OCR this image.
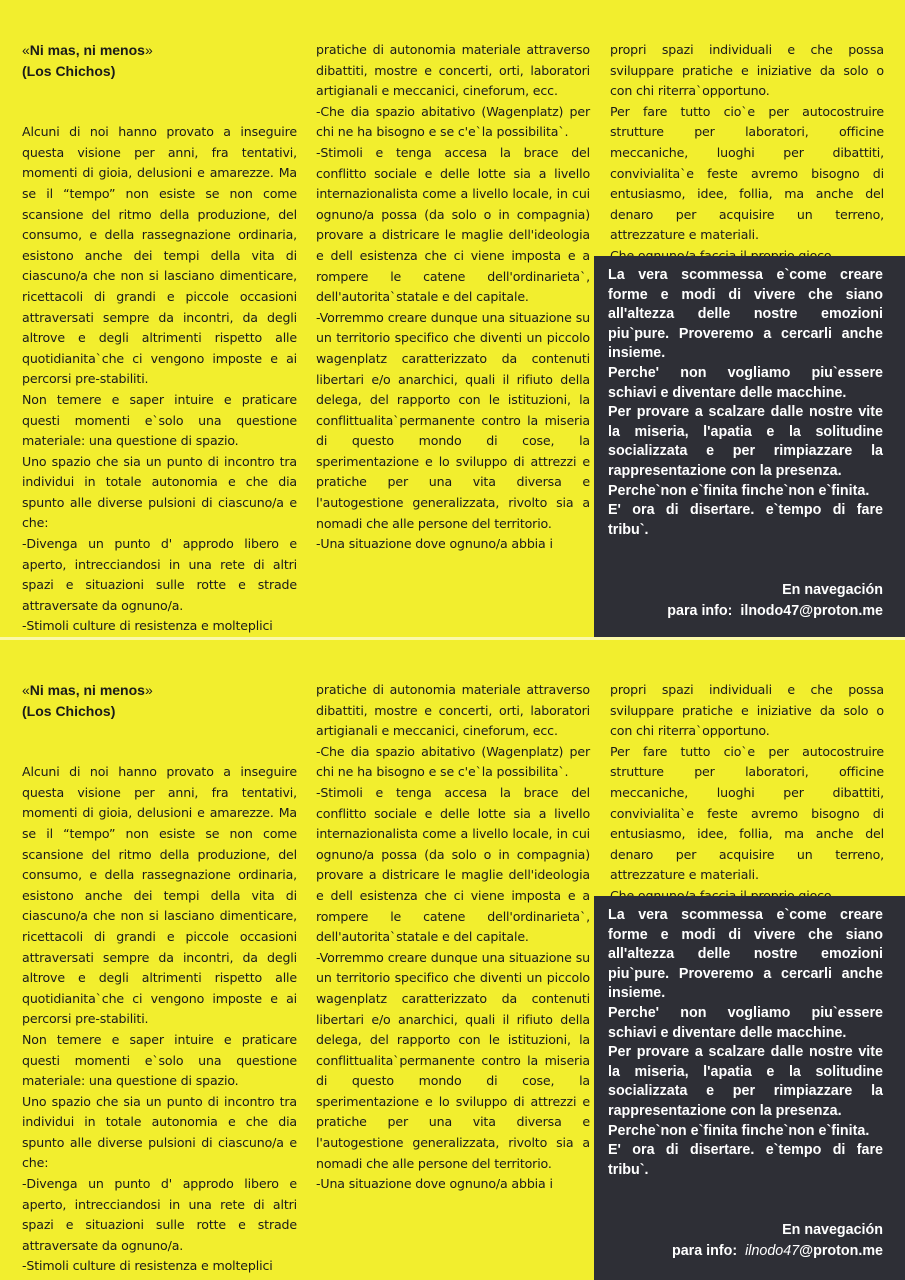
«Ni mas, ni menos»
(Los Chichos)

Alcuni di noi hanno provato a inseguire questa visione per anni, fra tentativi, momenti di gioia, delusioni e amarezze. Ma se il “tempo” non esiste se non come scansione del ritmo della produzione, del consumo, e della rassegnazione ordinaria, esistono anche dei tempi della vita di ciascuno/a che non si lasciano dimenticare, ricettacoli di grandi e piccole occasioni attraversati sempre da incontri, da degli altrove e degli altrimenti rispetto alle quotidianita`che ci vengono imposte e ai percorsi pre-stabiliti.

Non temere e saper intuire e praticare questi momenti e`solo una questione materiale: una questione di spazio.

Uno spazio che sia un punto di incontro tra individui in totale autonomia e che dia spunto alle diverse pulsioni di ciascuno/a e che:

-Divenga un punto d' approdo libero e aperto, intrecciandosi in una rete di altri spazi e situazioni sulle rotte e strade attraversate da ognuno/a.

-Stimoli culture di resistenza e molteplici

pratiche di autonomia materiale attraverso dibattiti, mostre e concerti, orti, laboratori artigianali e meccanici, cineforum, ecc.

-Che dia spazio abitativo (Wagenplatz) per chi ne ha bisogno e se c'e`la possibilita`.

-Stimoli e tenga accesa la brace del conflitto sociale e delle lotte sia a livello internazionalista come a livello locale, in cui ognuno/a possa (da solo o in compagnia) provare a districare le maglie dell'ideologia e dell esistenza che ci viene imposta e a rompere le catene dell'ordinarieta`, dell'autorita`statale e del capitale.

-Vorremmo creare dunque una situazione su un territorio specifico che diventi un piccolo wagenplatz caratterizzato da contenuti libertari e/o anarchici, quali il rifiuto della delega, del rapporto con le istituzioni, la conflittualita`permanente contro la miseria di questo mondo di cose, la sperimentazione e lo sviluppo di attrezzi e pratiche per una vita diversa e l'autogestione generalizzata, rivolto sia a nomadi che alle persone del territorio.

-Una situazione dove ognuno/a abbia i

propri spazi individuali e che possa sviluppare pratiche e iniziative da solo o con chi riterra`opportuno.

Per fare tutto cio`e per autocostruire strutture per laboratori, officine meccaniche, luoghi per dibattiti, convivialita`e feste avremo bisogno di entusiasmo, idee, follia, ma anche del denaro per acquisire un terreno, attrezzature e materiali.

La vera scommessa e`come creare forme e modi di vivere che siano all'altezza delle nostre emozioni piu`pure. Proveremo a cercarli anche insieme.

Perche' non vogliamo piu`essere schiavi e diventare delle macchine.

Per provare a scalzare dalle nostre vite la miseria, l'apatia e la solitudine socializzata e per rimpiazzare la rappresentazione con la presenza.

Perche`non e`finita finche`non e`finita.

E' ora di disertare. e`tempo di fare tribu`.

En navegación
para info: ilnodo47@proton.me
«Ni mas, ni menos»
(Los Chichos)

Alcuni di noi hanno provato a inseguire questa visione per anni, fra tentativi, momenti di gioia, delusioni e amarezze. Ma se il “tempo” non esiste se non come scansione del ritmo della produzione, del consumo, e della rassegnazione ordinaria, esistono anche dei tempi della vita di ciascuno/a che non si lasciano dimenticare, ricettacoli di grandi e piccole occasioni attraversati sempre da incontri, da degli altrove e degli altrimenti rispetto alle quotidianita`che ci vengono imposte e ai percorsi pre-stabiliti.

Non temere e saper intuire e praticare questi momenti e`solo una questione materiale: una questione di spazio.

Uno spazio che sia un punto di incontro tra individui in totale autonomia e che dia spunto alle diverse pulsioni di ciascuno/a e che:

-Divenga un punto d' approdo libero e aperto, intrecciandosi in una rete di altri spazi e situazioni sulle rotte e strade attraversate da ognuno/a.

-Stimoli culture di resistenza e molteplici

pratiche di autonomia materiale attraverso dibattiti, mostre e concerti, orti, laboratori artigianali e meccanici, cineforum, ecc.

-Che dia spazio abitativo (Wagenplatz) per chi ne ha bisogno e se c'e`la possibilita`.

-Stimoli e tenga accesa la brace del conflitto sociale e delle lotte sia a livello internazionalista come a livello locale, in cui ognuno/a possa (da solo o in compagnia) provare a districare le maglie dell'ideologia e dell esistenza che ci viene imposta e a rompere le catene dell'ordinarieta`, dell'autorita`statale e del capitale.

-Vorremmo creare dunque una situazione su un territorio specifico che diventi un piccolo wagenplatz caratterizzato da contenuti libertari e/o anarchici, quali il rifiuto della delega, del rapporto con le istituzioni, la conflittualita`permanente contro la miseria di questo mondo di cose, la sperimentazione e lo sviluppo di attrezzi e pratiche per una vita diversa e l'autogestione generalizzata, rivolto sia a nomadi che alle persone del territorio.

-Una situazione dove ognuno/a abbia i

propri spazi individuali e che possa sviluppare pratiche e iniziative da solo o con chi riterra`opportuno.

Per fare tutto cio`e per autocostruire strutture per laboratori, officine meccaniche, luoghi per dibattiti, convivialita`e feste avremo bisogno di entusiasmo, idee, follia, ma anche del denaro per acquisire un terreno, attrezzature e materiali.

La vera scommessa e`come creare forme e modi di vivere che siano all'altezza delle nostre emozioni piu`pure. Proveremo a cercarli anche insieme.

Perche' non vogliamo piu`essere schiavi e diventare delle macchine.

Per provare a scalzare dalle nostre vite la miseria, l'apatia e la solitudine socializzata e per rimpiazzare la rappresentazione con la presenza.

Perche`non e`finita finche`non e`finita.

E' ora di disertare. e`tempo di fare tribu`.

En navegación
para info: ilnodo47@proton.me
